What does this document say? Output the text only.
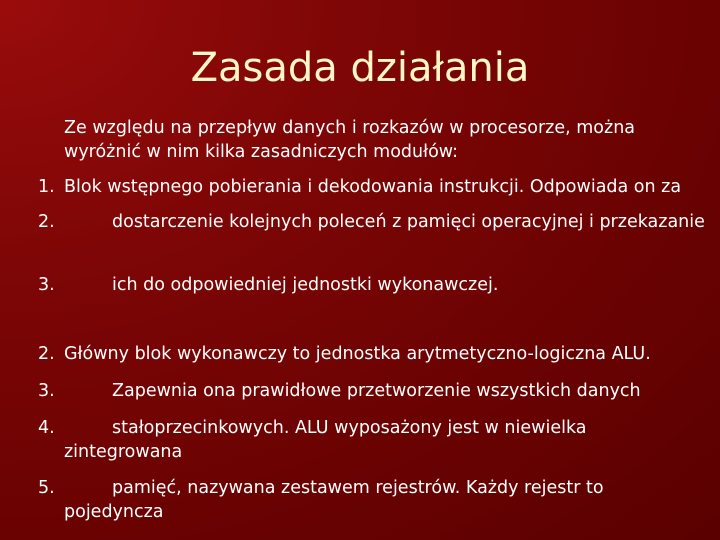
Zasada działania
Ze względu na przepływ danych i rozkazów w procesorze, można wyróżnić w nim kilka zasadniczych modułów:
1. Blok wstępnego pobierania i dekodowania instrukcji. Odpowiada on za
2.	dostarczenie kolejnych poleceń z pamięci operacyjnej i przekazanie
3.	ich do odpowiedniej jednostki wykonawczej.
2. Główny blok wykonawczy to jednostka arytmetyczno-logiczna ALU.
3.	Zapewnia ona prawidłowe przetworzenie wszystkich danych
4.	stałoprzecinkowych. ALU wyposażony jest w niewielka zintegrowana
5.	pamięć, nazywana zestawem rejestrów. Każdy rejestr to pojedyncza
